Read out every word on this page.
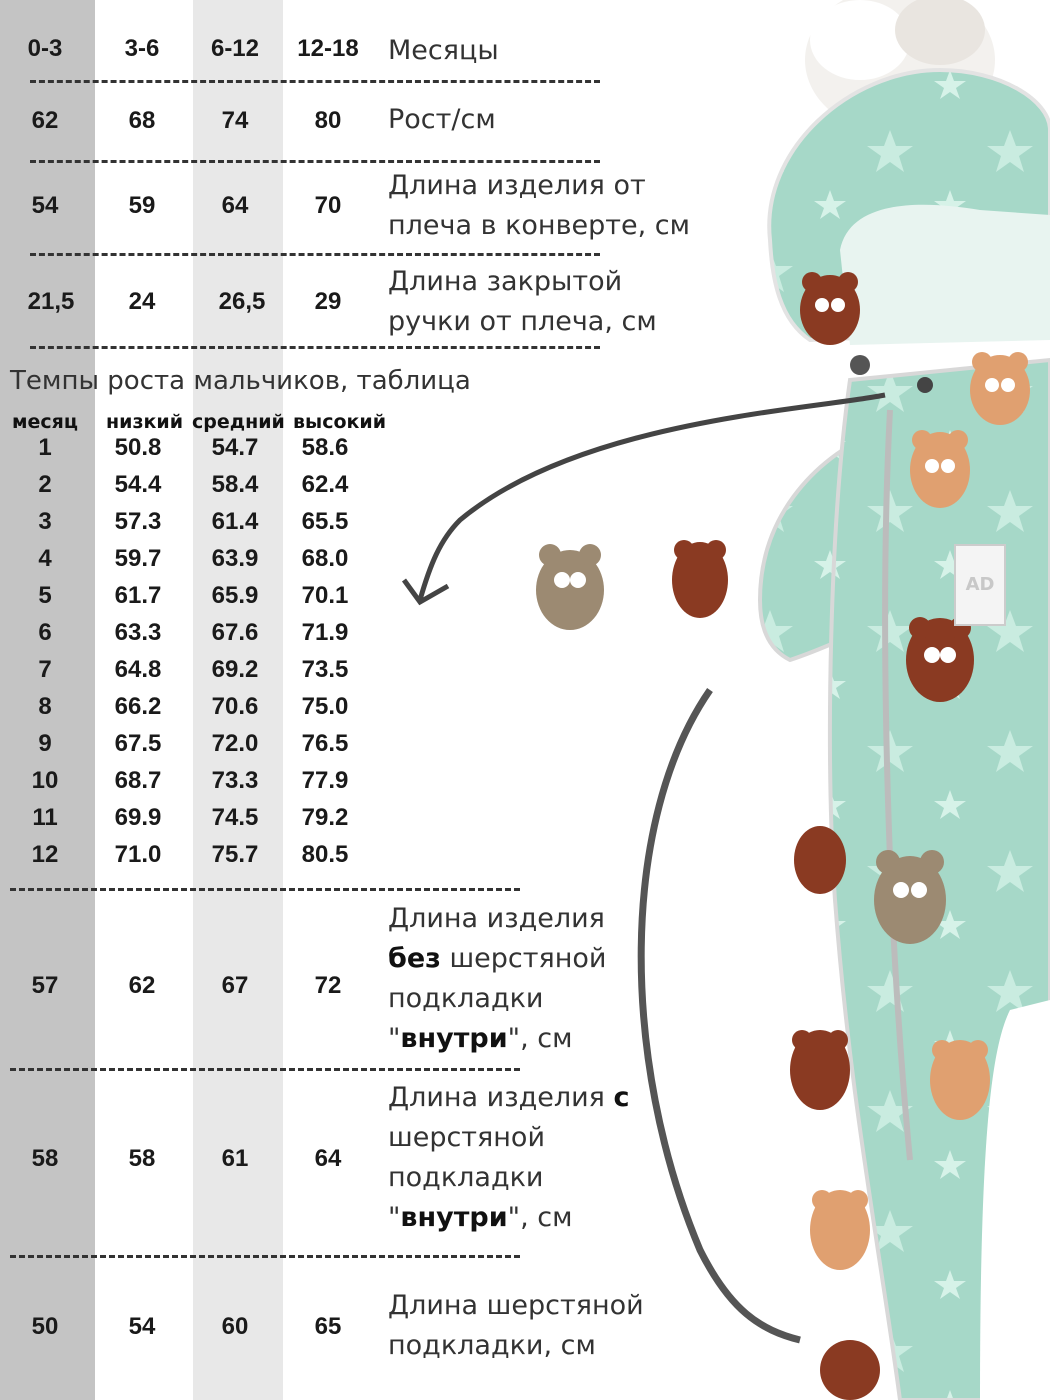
AD
0-3	3-6	6-12	12-18	Месяцы
62	68	74	80	Рост/см
54	59	64	70
Длина изделия от
плеча в конверте, см
21,5	24	26,5	29
Длина закрытой
ручки от плеча, см
Темпы роста мальчиков, таблица
месяц низкий средний высокий
1	50.8	54.7	58.6
2	54.4	58.4	62.4
3	57.3	61.4	65.5
4	59.7	63.9	68.0
5	61.7	65.9	70.1
6	63.3	67.6	71.9
7	64.8	69.2	73.5
8	66.2	70.6	75.0
9	67.5	72.0	76.5
10	68.7	73.3	77.9
11	69.9	74.5	79.2
12	71.0	75.7	80.5
57	62	67	72
Длина изделия
без шерстяной
подкладки
"внутри", см
58	58	61	64
Длина изделия с
шерстяной
подкладки
"внутри", см
50	54	60	65
Длина шерстяной
подкладки, см
